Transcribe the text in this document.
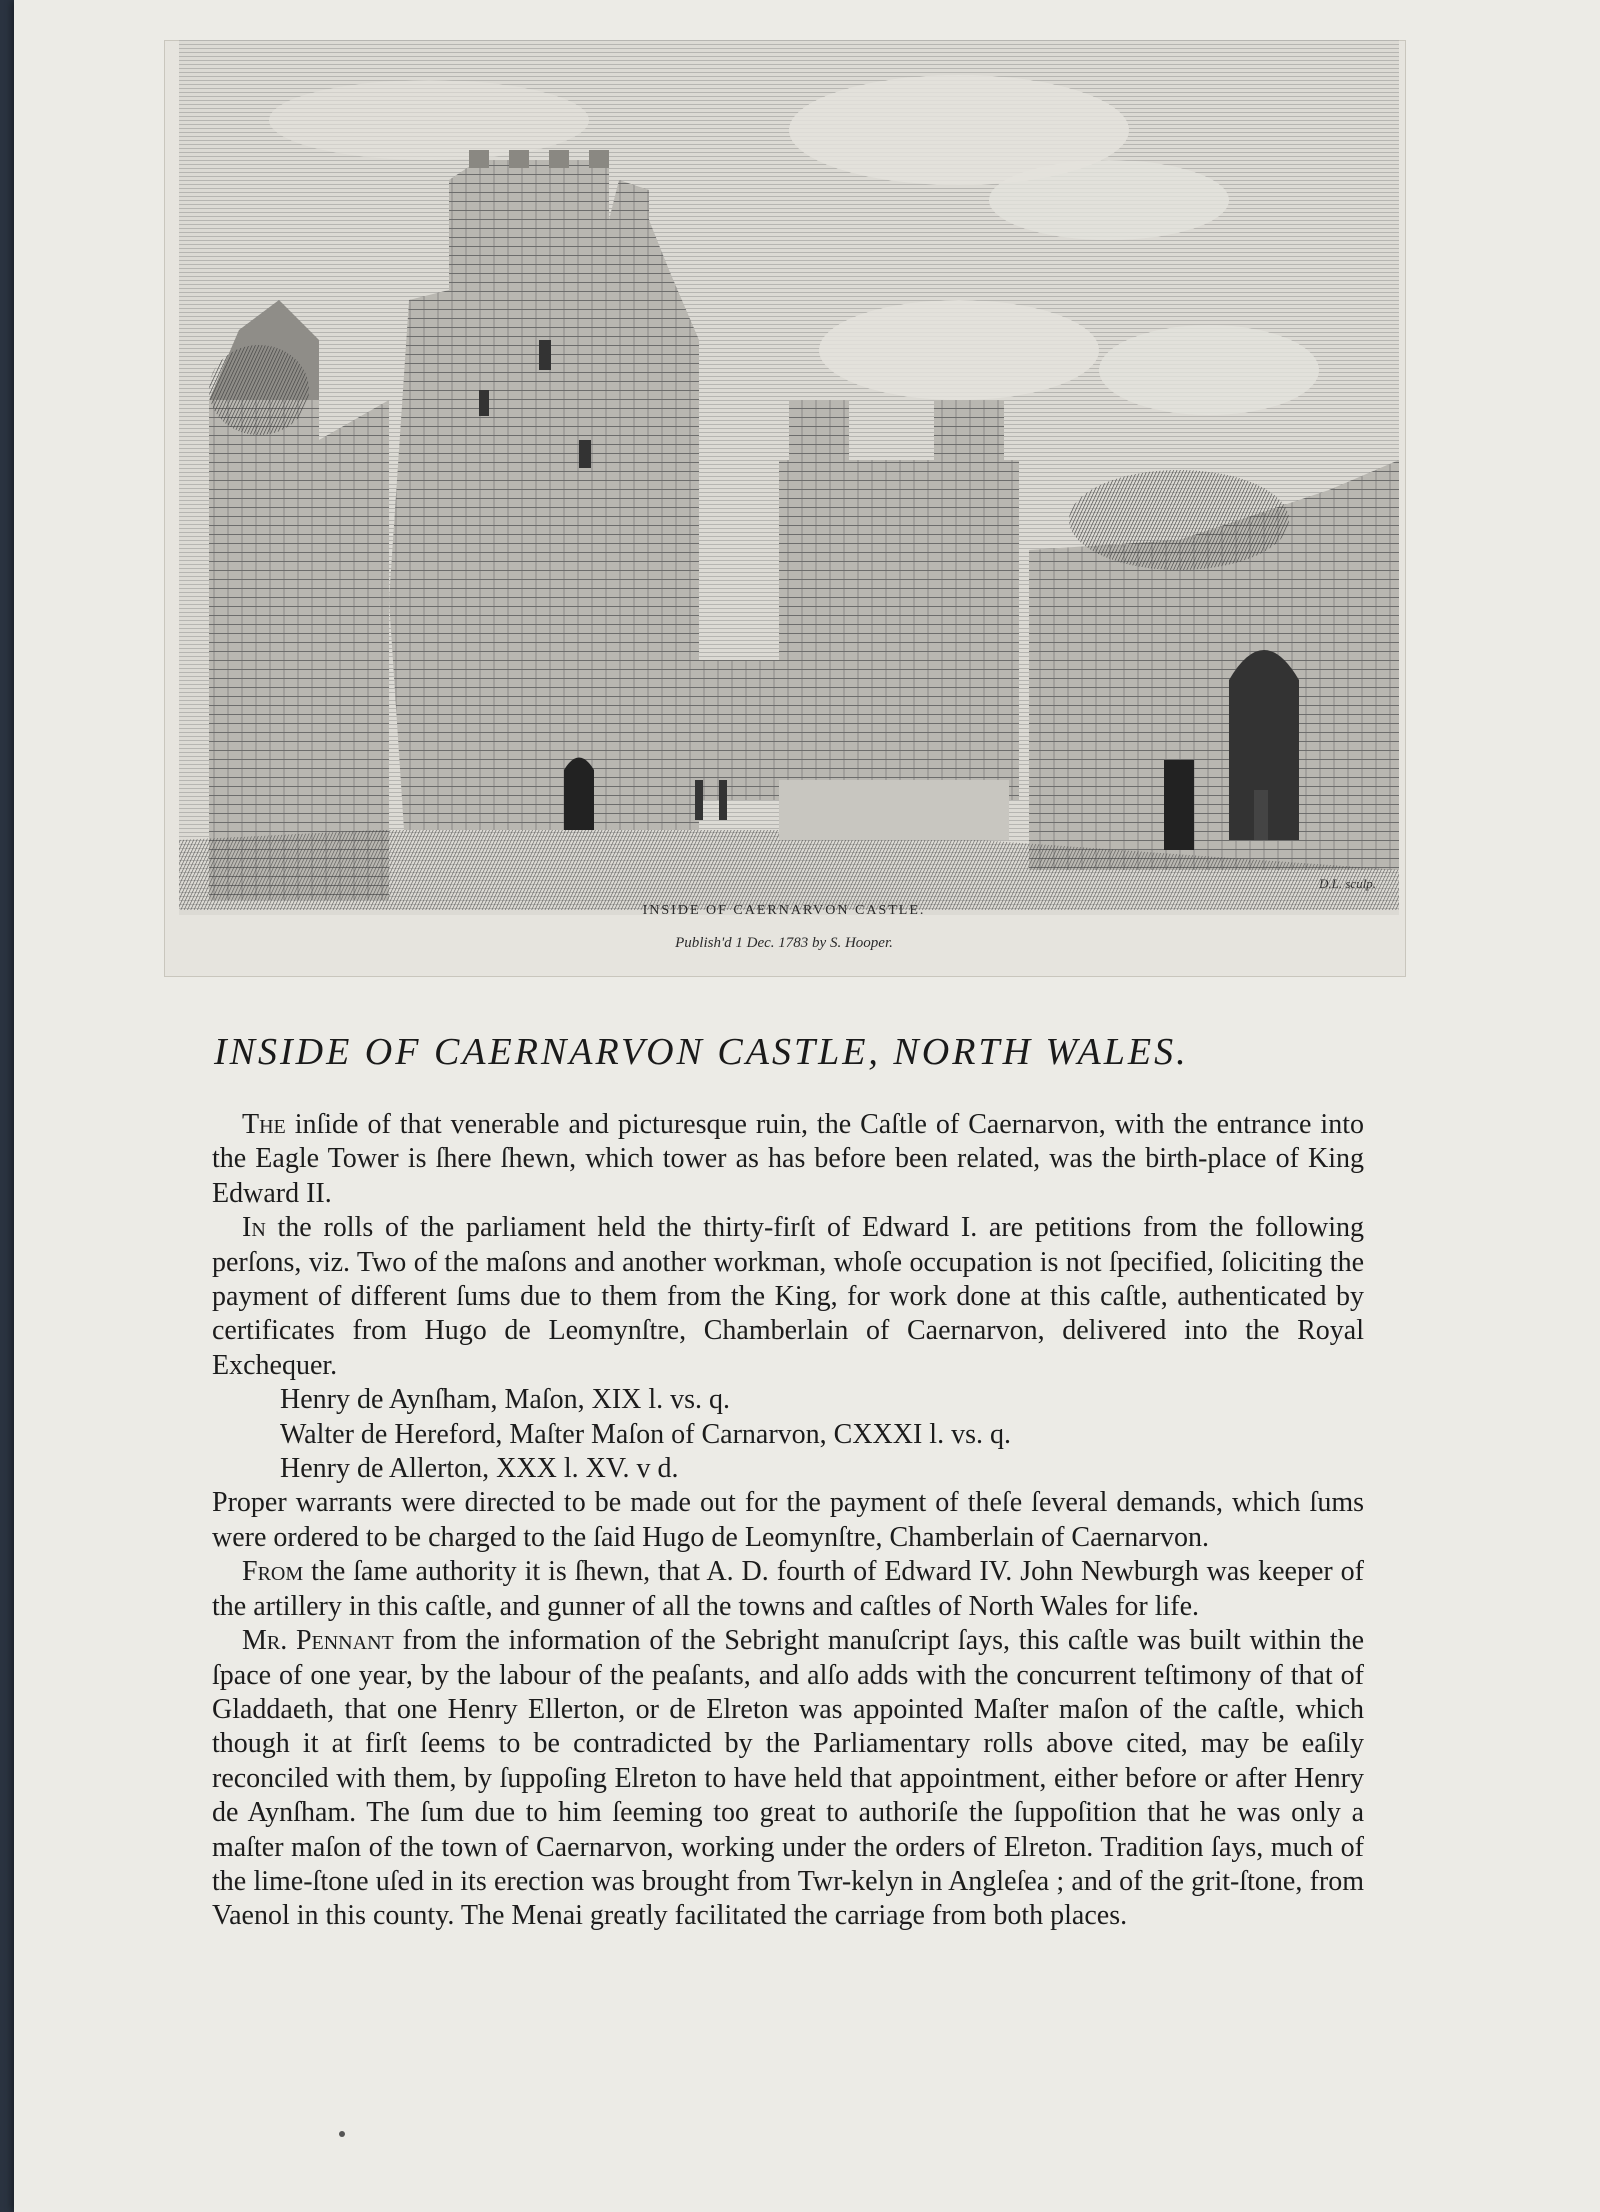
INSIDE OF CAERNARVON CASTLE.
Publish'd 1 Dec. 1783 by S. Hooper.
D.L. sculp.
INSIDE OF CAERNARVON CASTLE, NORTH WALES.

The inſide of that venerable and picturesque ruin, the Caſtle of Caernarvon, with the entrance into the Eagle Tower is ſhere ſhewn, which tower as has before been related, was the birth-place of King Edward II.

In the rolls of the parliament held the thirty-firſt of Edward I. are petitions from the following perſons, viz. Two of the maſons and another workman, whoſe occupation is not ſpecified, ſoliciting the payment of different ſums due to them from the King, for work done at this caſtle, authenticated by certificates from Hugo de Leomynſtre, Chamberlain of Caernarvon, delivered into the Royal Exchequer.

Henry de Aynſham, Maſon, XIX l. vs. q.

Walter de Hereford, Maſter Maſon of Carnarvon, CXXXI l. vs. q.

Henry de Allerton, XXX l. XV. v d.

Proper warrants were directed to be made out for the payment of theſe ſeveral demands, which ſums were ordered to be charged to the ſaid Hugo de Leomynſtre, Chamberlain of Caernarvon.

From the ſame authority it is ſhewn, that A. D. fourth of Edward IV. John Newburgh was keeper of the artillery in this caſtle, and gunner of all the towns and caſtles of North Wales for life.

Mr. Pennant from the information of the Sebright manuſcript ſays, this caſtle was built within the ſpace of one year, by the labour of the peaſants, and alſo adds with the concurrent teſtimony of that of Gladdaeth, that one Henry Ellerton, or de Elreton was appointed Maſter maſon of the caſtle, which though it at firſt ſeems to be contradicted by the Parliamentary rolls above cited, may be eaſily reconciled with them, by ſuppoſing Elreton to have held that appointment, either before or after Henry de Aynſham. The ſum due to him ſeeming too great to authoriſe the ſuppoſition that he was only a maſter maſon of the town of Caernarvon, working under the orders of Elreton. Tradition ſays, much of the lime-ſtone uſed in its erection was brought from Twr-kelyn in Angleſea ; and of the grit-ſtone, from Vaenol in this county. The Menai greatly facilitated the carriage from both places.
